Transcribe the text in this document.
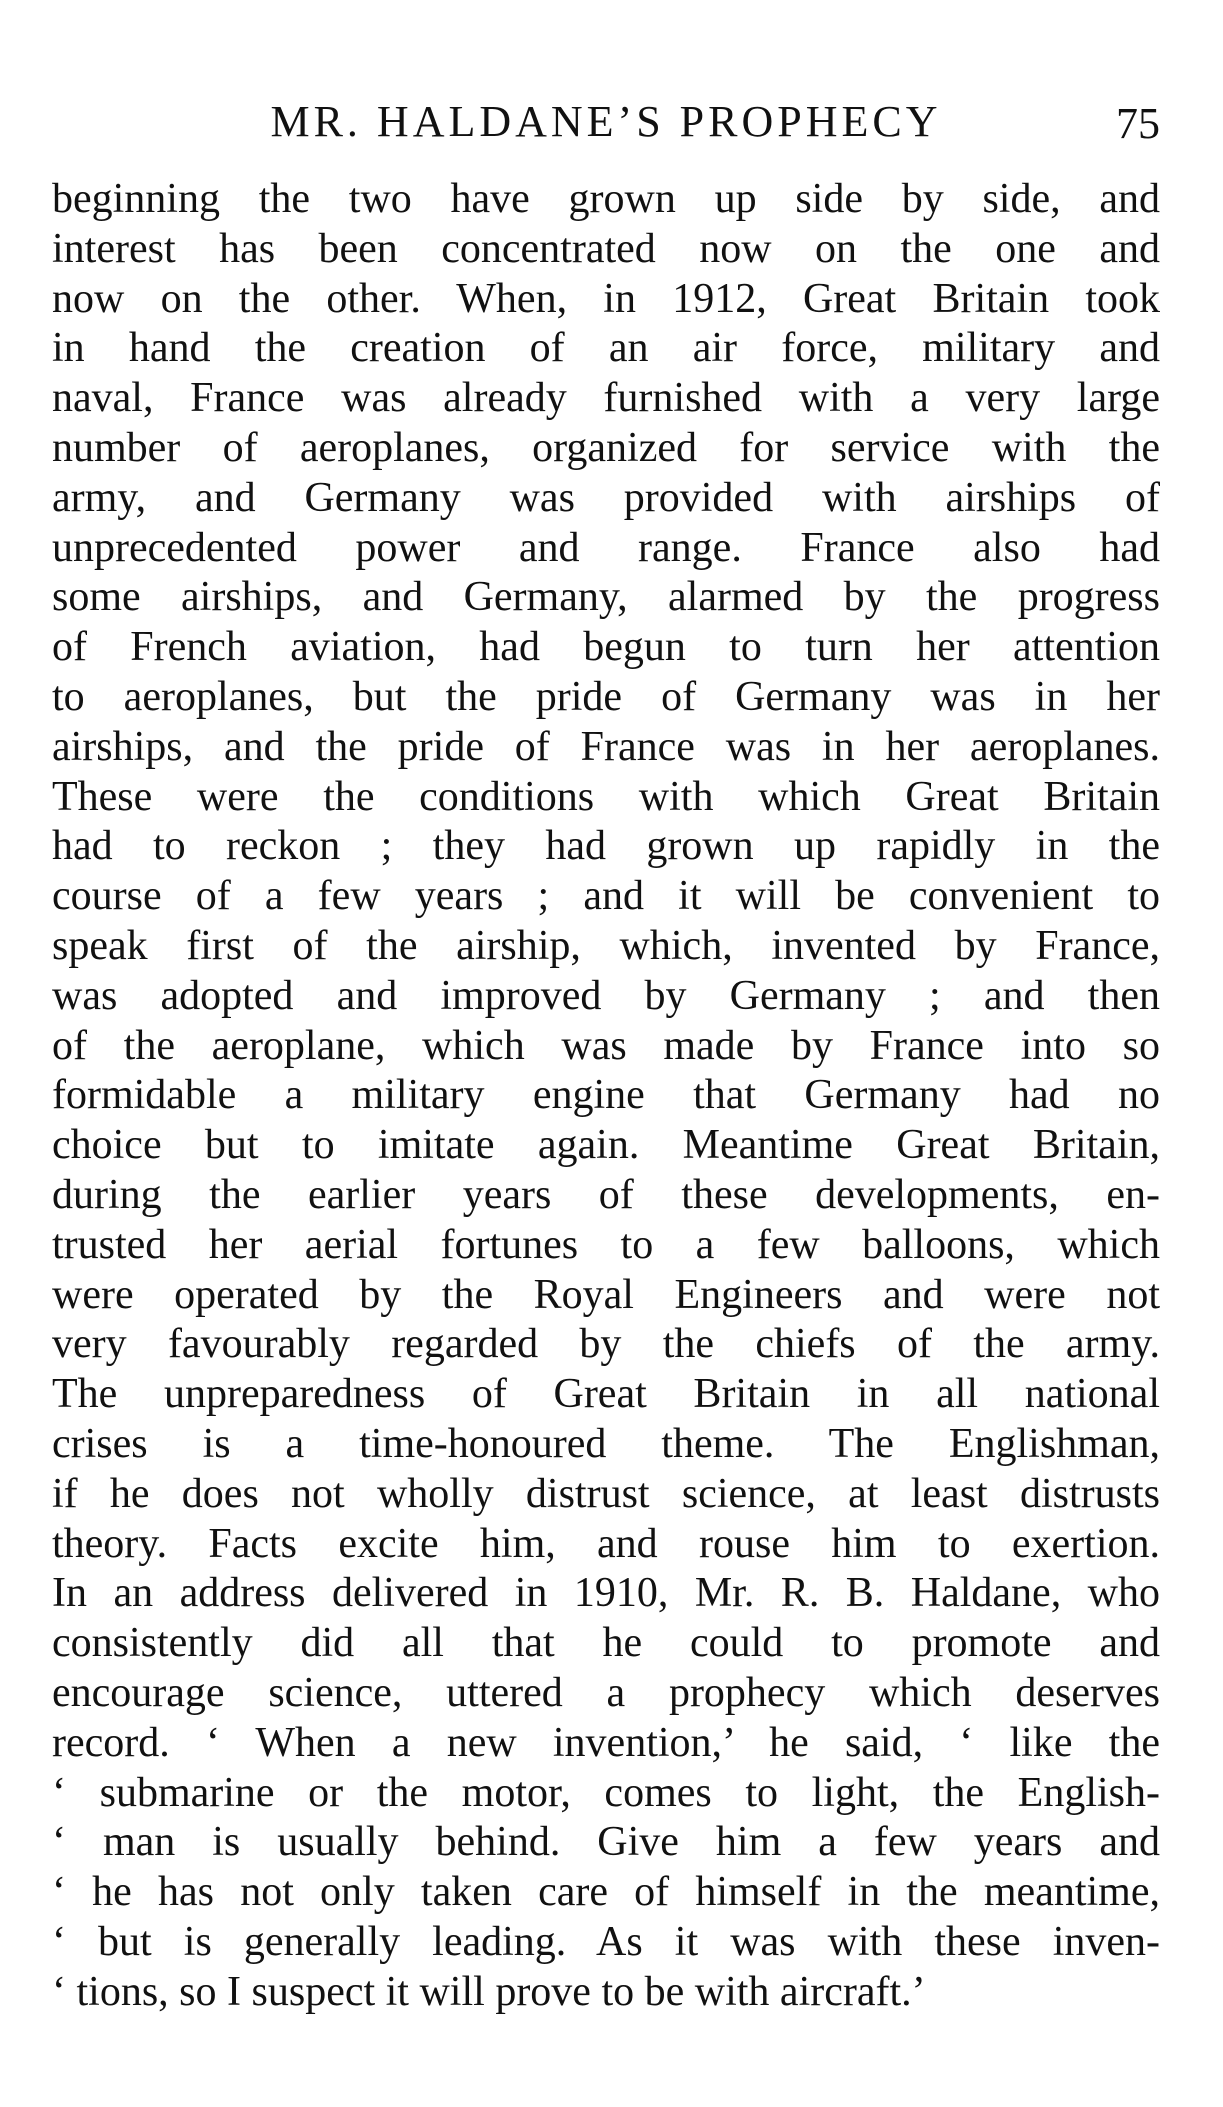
MR. HALDANE’S PROPHECY	75
beginning the two have grown up side by side, and
interest has been concentrated now on the one and
now on the other. When, in 1912, Great Britain took
in hand the creation of an air force, military and
naval, France was already furnished with a very large
number of aeroplanes, organized for service with the
army, and Germany was provided with airships of
unprecedented power and range. France also had
some airships, and Germany, alarmed by the progress
of French aviation, had begun to turn her attention
to aeroplanes, but the pride of Germany was in her
airships, and the pride of France was in her aeroplanes.
These were the conditions with which Great Britain
had to reckon ; they had grown up rapidly in the
course of a few years ; and it will be convenient to
speak first of the airship, which, invented by France,
was adopted and improved by Germany ; and then
of the aeroplane, which was made by France into so
formidable a military engine that Germany had no
choice but to imitate again. Meantime Great Britain,
during the earlier years of these developments, en-
trusted her aerial fortunes to a few balloons, which
were operated by the Royal Engineers and were not
very favourably regarded by the chiefs of the army.
The unpreparedness of Great Britain in all national
crises is a time-honoured theme. The Englishman,
if he does not wholly distrust science, at least distrusts
theory. Facts excite him, and rouse him to exertion.
In an address delivered in 1910, Mr. R. B. Haldane, who
consistently did all that he could to promote and
encourage science, uttered a prophecy which deserves
record. ‘ When a new invention,’ he said, ‘ like the
‘ submarine or the motor, comes to light, the English-
‘ man is usually behind. Give him a few years and
‘ he has not only taken care of himself in the meantime,
‘ but is generally leading. As it was with these inven-
‘ tions, so I suspect it will prove to be with aircraft.’
